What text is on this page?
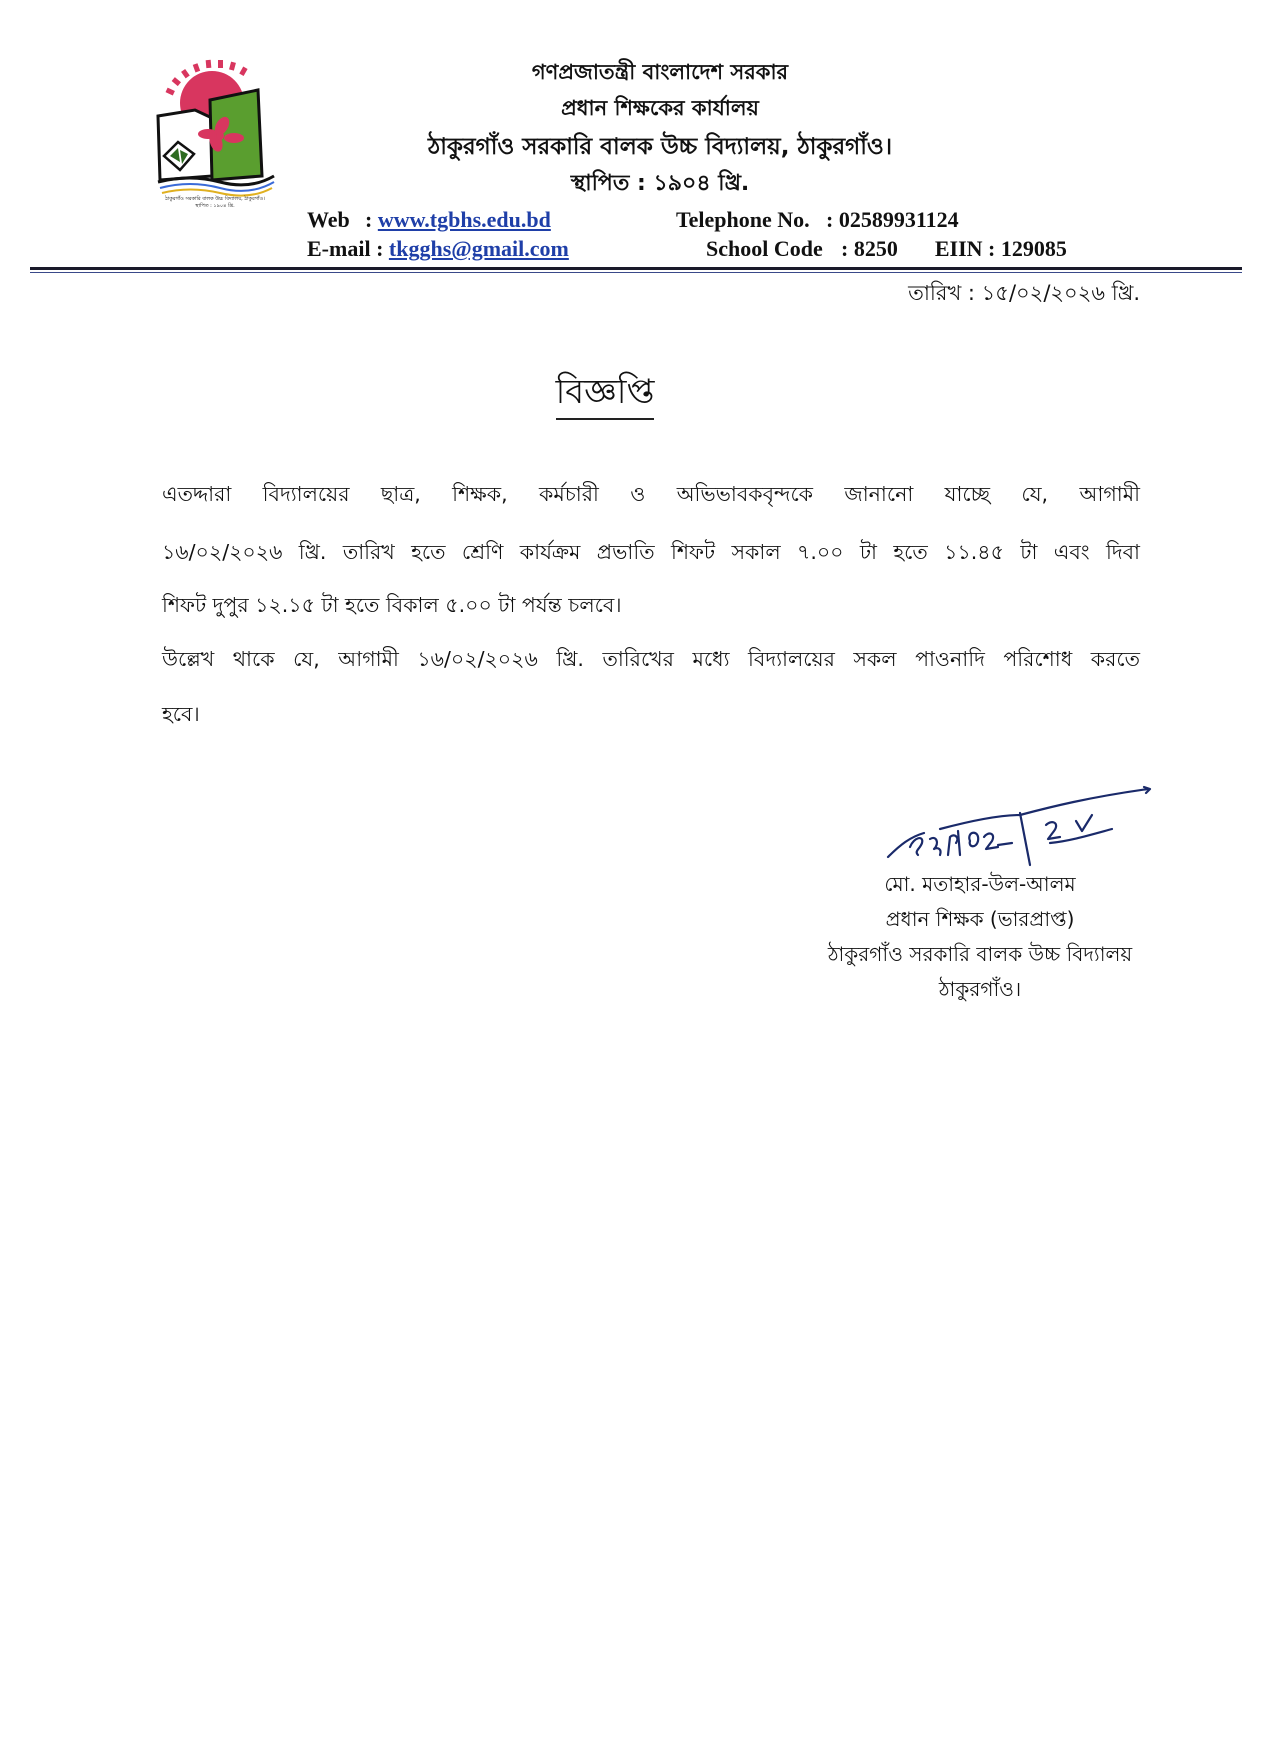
ঠাকুরগাঁও সরকারি বালক উচ্চ বিদ্যালয়, ঠাকুরগাঁও।
স্থাপিত : ১৯০৪ খ্রি.
গণপ্রজাতন্ত্রী বাংলাদেশ সরকার
প্রধান শিক্ষকের কার্যালয়
ঠাকুরগাঁও সরকারি বালক উচ্চ বিদ্যালয়, ঠাকুরগাঁও।
স্থাপিত : ১৯০৪ খ্রি.
Web : www.tgbhs.edu.bd
E-mail : tkgghs@gmail.com
Telephone No. : 02589931124
School Code : 8250 EIIN : 129085
তারিখ : ১৫/০২/২০২৬ খ্রি.
বিজ্ঞপ্তি
এতদ্দারা বিদ্যালয়ের ছাত্র, শিক্ষক, কর্মচারী ও অভিভাবকবৃন্দকে জানানো যাচ্ছে যে, আগামী
১৬/০২/২০২৬ খ্রি. তারিখ হতে শ্রেণি কার্যক্রম প্রভাতি শিফট সকাল ৭.০০ টা হতে ১১.৪৫ টা এবং দিবা
শিফট দুপুর ১২.১৫ টা হতে বিকাল ৫.০০ টা পর্যন্ত চলবে।
উল্লেখ থাকে যে, আগামী ১৬/০২/২০২৬ খ্রি. তারিখের মধ্যে বিদ্যালয়ের সকল পাওনাদি পরিশোধ করতে
হবে।
মো. মতাহার-উল-আলম
প্রধান শিক্ষক (ভারপ্রাপ্ত)
ঠাকুরগাঁও সরকারি বালক উচ্চ বিদ্যালয়
ঠাকুরগাঁও।
